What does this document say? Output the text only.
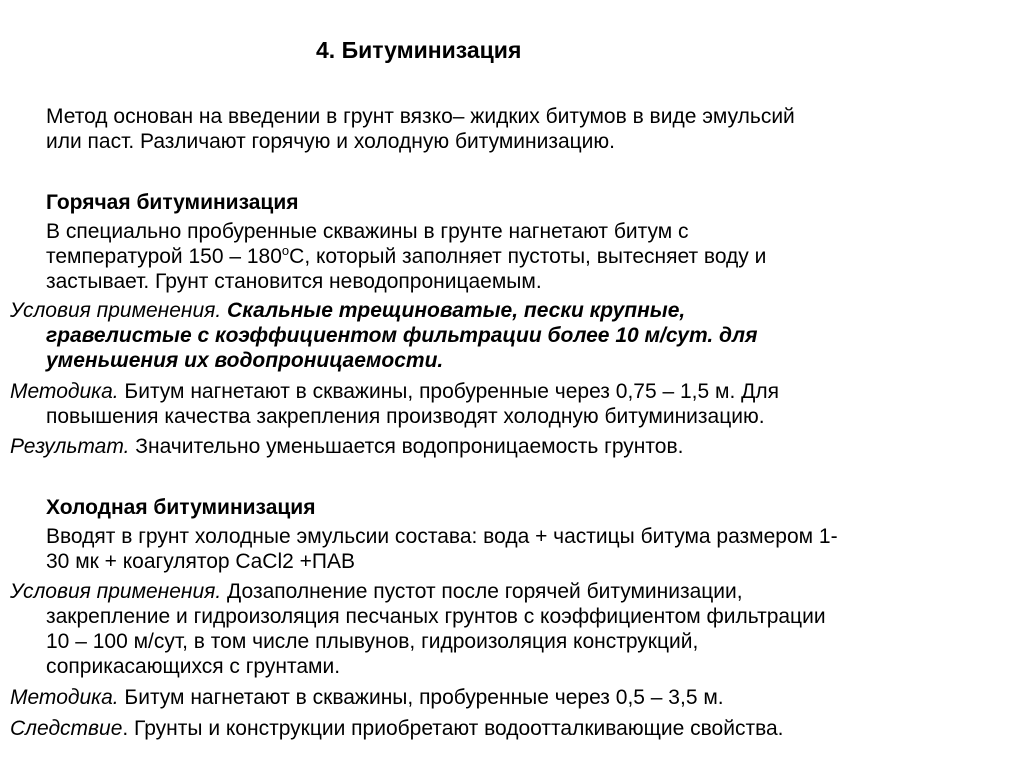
4. Битуминизация
Метод основан на введении в грунт вязко– жидких битумов в виде эмульсий
или паст. Различают горячую и холодную битуминизацию.
Горячая битуминизация
В специально пробуренные скважины в грунте нагнетают битум с
температурой $150 - 180^оС$, который заполняет пустоты, вытесняет воду и
застывает. Грунт становится неводопроницаемым.
Условия применения. Скальные трещиноватые, пески крупные,
гравелистые с коэффициентом фильтрации более 10 м/сут. для
уменьшения их водопроницаемости.
Методика. Битум нагнетают в скважины, пробуренные через 0,75 – 1,5 м. Для
повышения качества закрепления производят холодную битуминизацию.
Результат. Значительно уменьшается водопроницаемость грунтов.
Холодная битуминизация
Вводят в грунт холодные эмульсии состава: вода + частицы битума размером 1-
30 мк + коагулятор CaCl2 +ПАВ
Условия применения. Дозаполнение пустот после горячей битуминизации,
закрепление и гидроизоляция песчаных грунтов с коэффициентом фильтрации
10 – 100 м/сут, в том числе плывунов, гидроизоляция конструкций,
соприкасающихся с грунтами.
Методика. Битум нагнетают в скважины, пробуренные через 0,5 – 3,5 м.
Следствие. Грунты и конструкции приобретают водоотталкивающие свойства.
